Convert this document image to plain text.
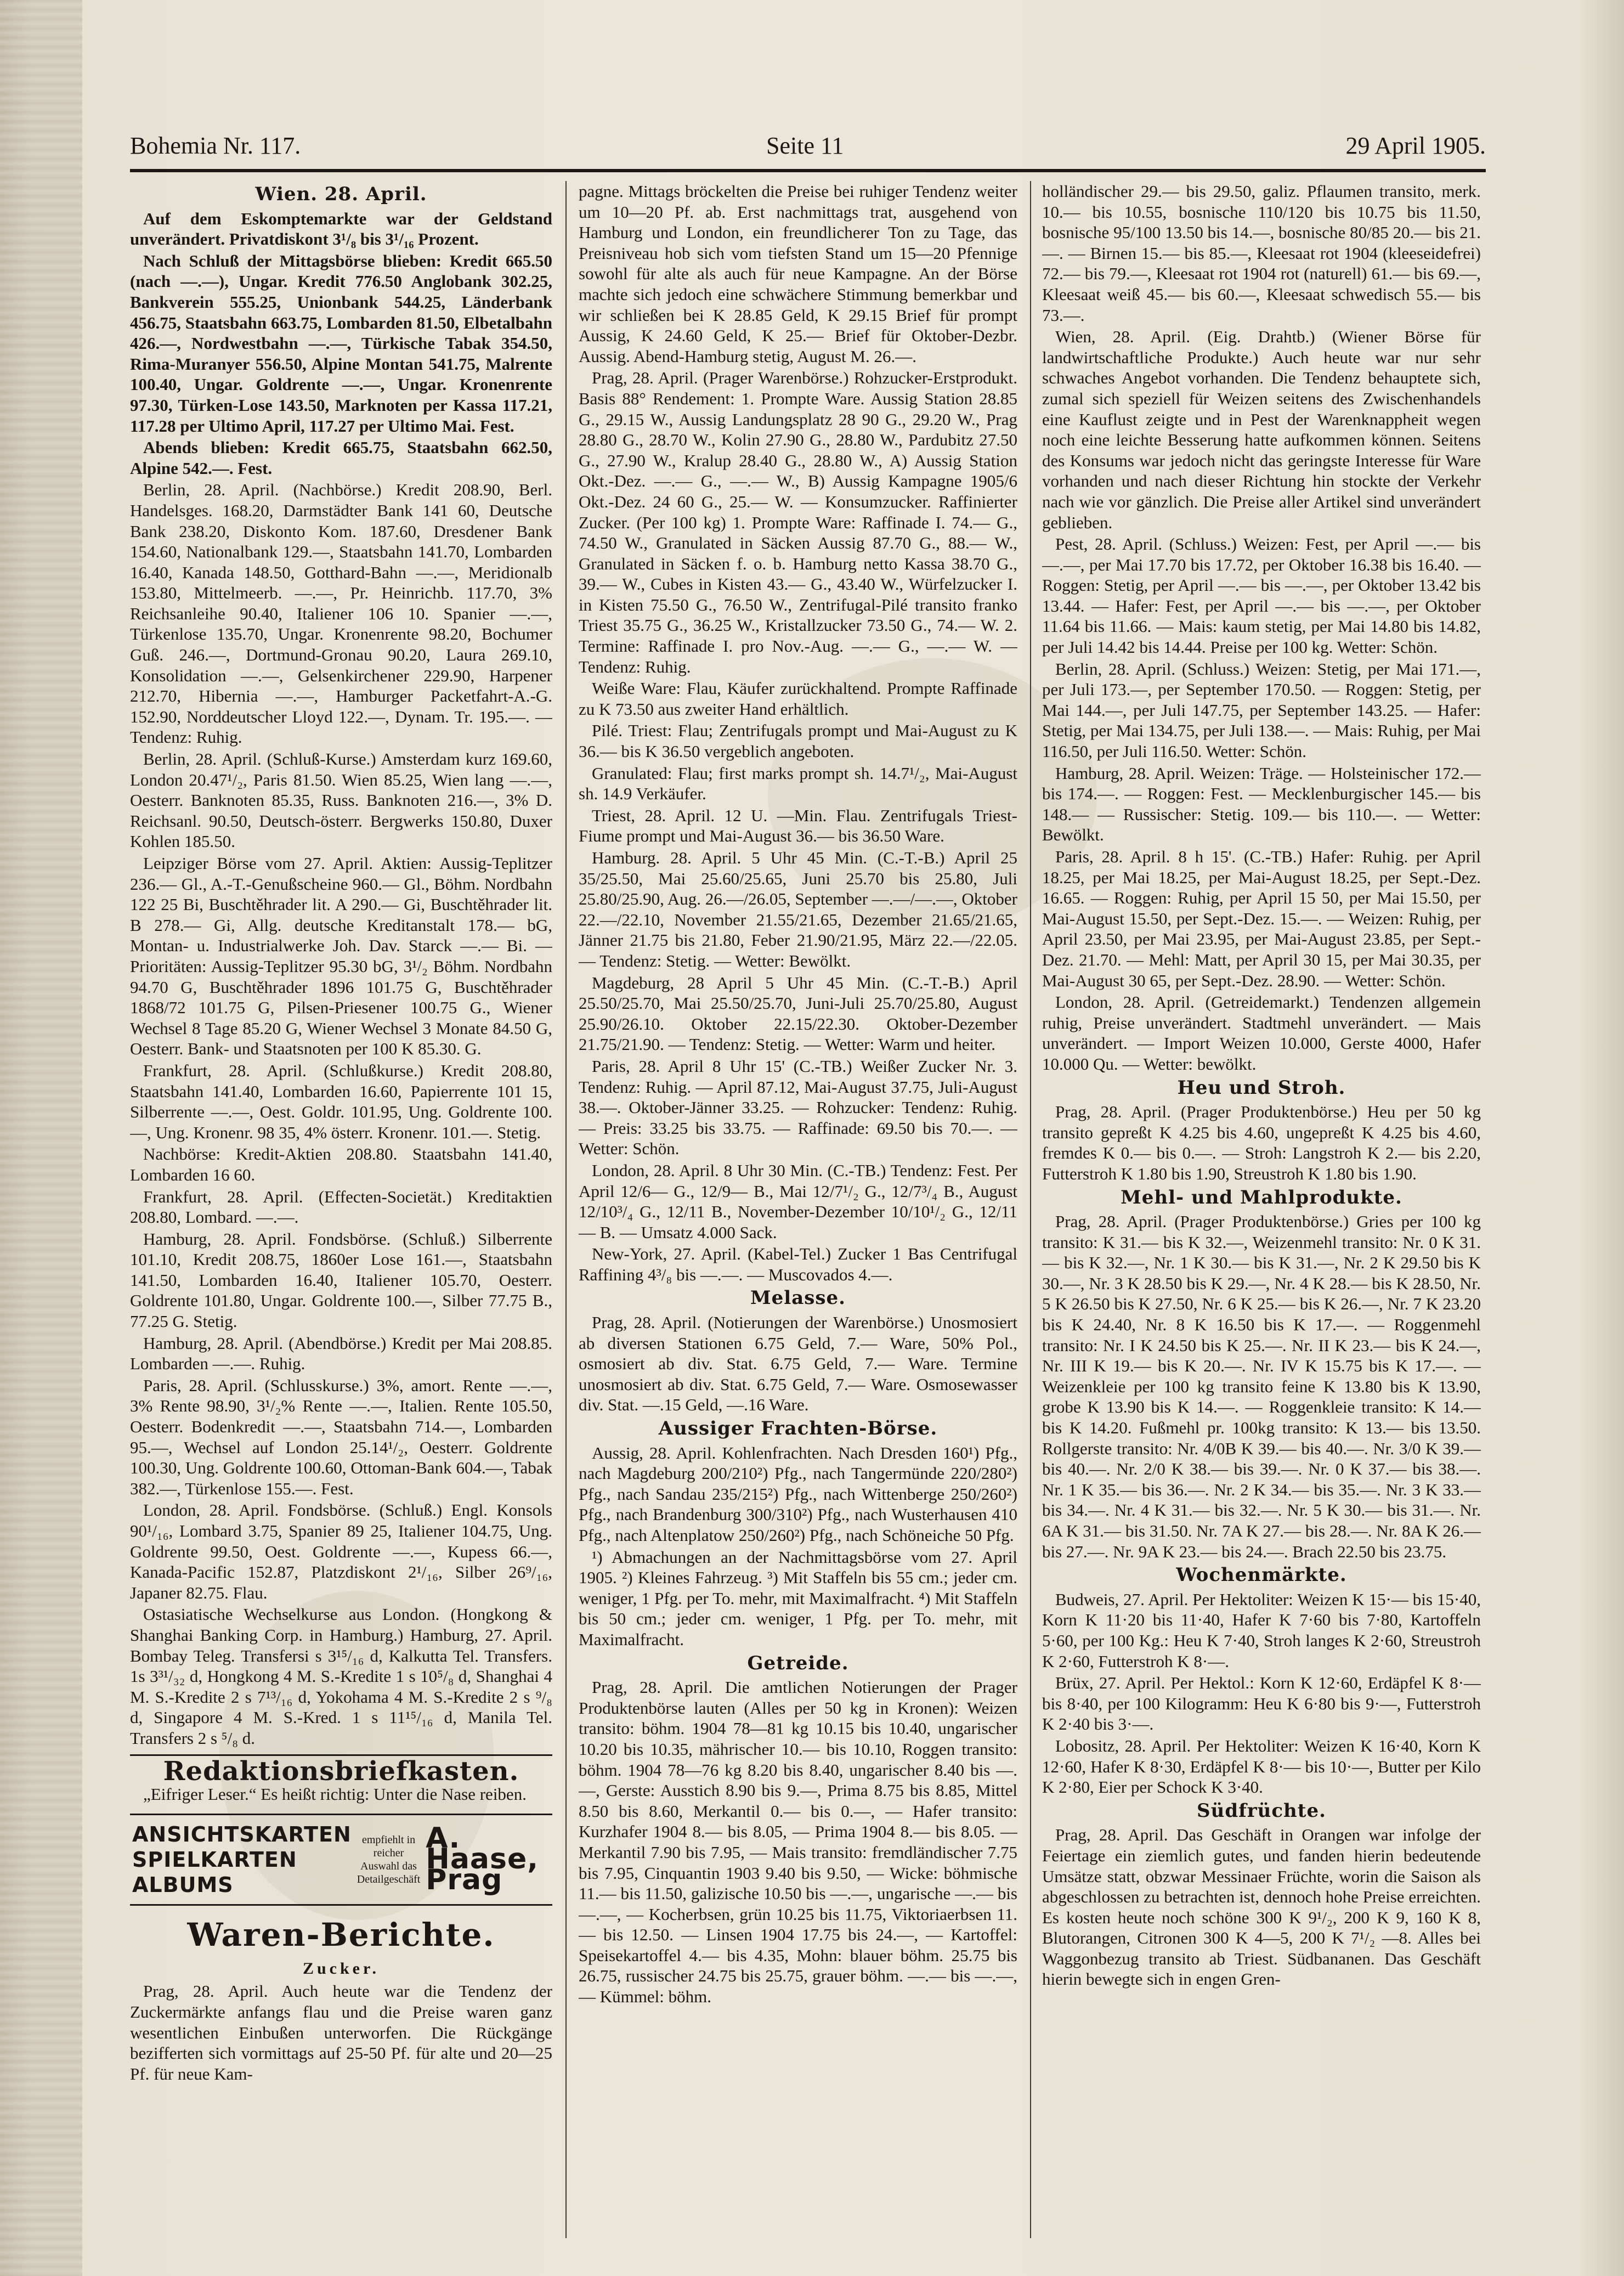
Bohemia Nr. 117.	Seite 11	29 April 1905.
Wien. 28. April.

Auf dem Eskomptemarkte war der Geldstand unverändert. Privatdiskont 3¹/₈ bis 3¹/₁₆ Prozent.

Nach Schluß der Mittagsbörse blieben: Kredit 665.50 (nach —.—), Ungar. Kredit 776.50 Anglobank 302.25, Bankverein 555.25, Unionbank 544.25, Länderbank 456.75, Staatsbahn 663.75, Lombarden 81.50, Elbetalbahn 426.—, Nordwestbahn —.—, Türkische Tabak 354.50, Rima-Muranyer 556.50, Alpine Montan 541.75, Malrente 100.40, Ungar. Goldrente —.—, Ungar. Kronenrente 97.30, Türken-Lose 143.50, Marknoten per Kassa 117.21, 117.28 per Ultimo April, 117.27 per Ultimo Mai. Fest.

Abends blieben: Kredit 665.75, Staatsbahn 662.50, Alpine 542.—. Fest.

Berlin, 28. April. (Nachbörse.) Kredit 208.90, Berl. Handelsges. 168.20, Darmstädter Bank 141 60, Deutsche Bank 238.20, Diskonto Kom. 187.60, Dresdener Bank 154.60, Nationalbank 129.—, Staatsbahn 141.70, Lombarden 16.40, Kanada 148.50, Gotthard-Bahn —.—, Meridionalb 153.80, Mittelmeerb. —.—, Pr. Heinrichb. 117.70, 3% Reichsanleihe 90.40, Italiener 106 10. Spanier —.—, Türkenlose 135.70, Ungar. Kronenrente 98.20, Bochumer Guß. 246.—, Dortmund-Gronau 90.20, Laura 269.10, Konsolidation —.—, Gelsenkirchener 229.90, Harpener 212.70, Hibernia —.—, Hamburger Packetfahrt-A.-G. 152.90, Norddeutscher Lloyd 122.—, Dynam. Tr. 195.—. — Tendenz: Ruhig.

Berlin, 28. April. (Schluß-Kurse.) Amsterdam kurz 169.60, London 20.47¹/₂, Paris 81.50. Wien 85.25, Wien lang —.—, Oesterr. Banknoten 85.35, Russ. Banknoten 216.—, 3% D. Reichsanl. 90.50, Deutsch-österr. Bergwerks 150.80, Duxer Kohlen 185.50.

Leipziger Börse vom 27. April. Aktien: Aussig-Teplitzer 236.— Gl., A.-T.-Genußscheine 960.— Gl., Böhm. Nordbahn 122 25 Bi, Buschtěhrader lit. A 290.— Gi, Buschtěhrader lit. B 278.— Gi, Allg. deutsche Kreditanstalt 178.— bG, Montan- u. Industrialwerke Joh. Dav. Starck —.— Bi. — Prioritäten: Aussig-Teplitzer 95.30 bG, 3¹/₂ Böhm. Nordbahn 94.70 G, Buschtěhrader 1896 101.75 G, Buschtěhrader 1868/72 101.75 G, Pilsen-Priesener 100.75 G., Wiener Wechsel 8 Tage 85.20 G, Wiener Wechsel 3 Monate 84.50 G, Oesterr. Bank- und Staatsnoten per 100 K 85.30. G.

Frankfurt, 28. April. (Schlußkurse.) Kredit 208.80, Staatsbahn 141.40, Lombarden 16.60, Papierrente 101 15, Silberrente —.—, Oest. Goldr. 101.95, Ung. Goldrente 100.—, Ung. Kronenr. 98 35, 4% österr. Kronenr. 101.—. Stetig.

Nachbörse: Kredit-Aktien 208.80. Staatsbahn 141.40, Lombarden 16 60.

Frankfurt, 28. April. (Effecten-Societät.) Kreditaktien 208.80, Lombard. —.—.

Hamburg, 28. April. Fondsbörse. (Schluß.) Silberrente 101.10, Kredit 208.75, 1860er Lose 161.—, Staatsbahn 141.50, Lombarden 16.40, Italiener 105.70, Oesterr. Goldrente 101.80, Ungar. Goldrente 100.—, Silber 77.75 B., 77.25 G. Stetig.

Hamburg, 28. April. (Abendbörse.) Kredit per Mai 208.85. Lombarden —.—. Ruhig.

Paris, 28. April. (Schlusskurse.) 3%, amort. Rente —.—, 3% Rente 98.90, 3¹/₂% Rente —.—, Italien. Rente 105.50, Oesterr. Bodenkredit —.—, Staatsbahn 714.—, Lombarden 95.—, Wechsel auf London 25.14¹/₂, Oesterr. Goldrente 100.30, Ung. Goldrente 100.60, Ottoman-Bank 604.—, Tabak 382.—, Türkenlose 155.—. Fest.

London, 28. April. Fondsbörse. (Schluß.) Engl. Konsols 90¹/₁₆, Lombard 3.75, Spanier 89 25, Italiener 104.75, Ung. Goldrente 99.50, Oest. Goldrente —.—, Kupess 66.—, Kanada-Pacific 152.87, Platzdiskont 2¹/₁₆, Silber 26⁹/₁₆, Japaner 82.75. Flau.

Ostasiatische Wechselkurse aus London. (Hongkong & Shanghai Banking Corp. in Hamburg.) Hamburg, 27. April. Bombay Teleg. Transfersi s 3¹⁵/₁₆ d, Kalkutta Tel. Transfers. 1s 3³¹/₃₂ d, Hongkong 4 M. S.-Kreditе 1 s 10⁵/₈ d, Shanghai 4 M. S.-Kredite 2 s 7¹³/₁₆ d, Yokohama 4 M. S.-Kredite 2 s ⁹/₈ d, Singapore 4 M. S.-Kred. 1 s 11¹⁵/₁₆ d, Manila Tel. Transfers 2 s ⁵/₈ d.

Redaktionsbriefkasten.

„Eifriger Leser.“ Es heißt richtig: Unter die Nase reiben.

ANSICHTSKARTEN
SPIELKARTEN
ALBUMS
empfiehlt in reicher Auswahl das Detailgeschäft
A. Haase, Prag
Waren-Berichte.
Zucker.

Prag, 28. April. Auch heute war die Tendenz der Zuckermärkte anfangs flau und die Preise waren ganz wesentlichen Einbußen unterworfen. Die Rückgänge bezifferten sich vormittags auf 25-50 Pf. für alte und 20—25 Pf. für neue Kam-

pagne. Mittags bröckelten die Preise bei ruhiger Tendenz weiter um 10—20 Pf. ab. Erst nachmittags trat, ausgehend von Hamburg und London, ein freundlicherer Ton zu Tage, das Preisniveau hob sich vom tiefsten Stand um 15—20 Pfennige sowohl für alte als auch für neue Kampagne. An der Börse machte sich jedoch eine schwächere Stimmung bemerkbar und wir schließen bei K 28.85 Geld, K 29.15 Brief für prompt Aussig, K 24.60 Geld, K 25.— Brief für Oktober-Dezbr. Aussig. Abend-Hamburg stetig, August M. 26.—.

Prag, 28. April. (Prager Warenbörse.) Rohzucker-Erstprodukt. Basis 88° Rendement: 1. Prompte Ware. Aussig Station 28.85 G., 29.15 W., Aussig Landungsplatz 28 90 G., 29.20 W., Prag 28.80 G., 28.70 W., Kolin 27.90 G., 28.80 W., Pardubitz 27.50 G., 27.90 W., Kralup 28.40 G., 28.80 W., A) Aussig Station Okt.-Dez. —.— G., —.— W., B) Aussig Kampagne 1905/6 Okt.-Dez. 24 60 G., 25.— W. — Konsumzucker. Raffinierter Zucker. (Per 100 kg) 1. Prompte Ware: Raffinade I. 74.— G., 74.50 W., Granulated in Säcken Aussig 87.70 G., 88.— W., Granulated in Säcken f. o. b. Hamburg netto Kassa 38.70 G., 39.— W., Cubes in Kisten 43.— G., 43.40 W., Würfelzucker I. in Kisten 75.50 G., 76.50 W., Zentrifugal-Pilé transito franko Triest 35.75 G., 36.25 W., Kristallzucker 73.50 G., 74.— W. 2. Termine: Raffinade I. pro Nov.-Aug. —.— G., —.— W. — Tendenz: Ruhig.

Weiße Ware: Flau, Käufer zurückhaltend. Prompte Raffinade zu K 73.50 aus zweiter Hand erhältlich.

Pilé. Triest: Flau; Zentrifugals prompt und Mai-August zu K 36.— bis K 36.50 vergeblich angeboten.

Granulated: Flau; first marks prompt sh. 14.7¹/₂, Mai-August sh. 14.9 Verkäufer.

Triest, 28. April. 12 U. —Min. Flau. Zentrifugals Triest-Fiume prompt und Mai-August 36.— bis 36.50 Ware.

Hamburg. 28. April. 5 Uhr 45 Min. (C.-T.-B.) April 25 35/25.50, Mai 25.60/25.65, Juni 25.70 bis 25.80, Juli 25.80/25.90, Aug. 26.—/26.05, September —.—/—.—, Oktober 22.—/22.10, November 21.55/21.65, Dezember 21.65/21.65, Jänner 21.75 bis 21.80, Feber 21.90/21.95, März 22.—/22.05. — Tendenz: Stetig. — Wetter: Bewölkt.

Magdeburg, 28 April 5 Uhr 45 Min. (C.-T.-B.) April 25.50/25.70, Mai 25.50/25.70, Juni-Juli 25.70/25.80, August 25.90/26.10. Oktober 22.15/22.30. Oktober-Dezember 21.75/21.90. — Tendenz: Stetig. — Wetter: Warm und heiter.

Paris, 28. April 8 Uhr 15' (C.-TB.) Weißer Zucker Nr. 3. Tendenz: Ruhig. — April 87.12, Mai-August 37.75, Juli-August 38.—. Oktober-Jänner 33.25. — Rohzucker: Tendenz: Ruhig. — Preis: 33.25 bis 33.75. — Raffinade: 69.50 bis 70.—. — Wetter: Schön.

London, 28. April. 8 Uhr 30 Min. (C.-TB.) Tendenz: Fest. Per April 12/6— G., 12/9— B., Mai 12/7¹/₂ G., 12/7³/₄ B., August 12/10³/₄ G., 12/11 B., November-Dezember 10/10¹/₂ G., 12/11— B. — Umsatz 4.000 Sack.

New-York, 27. April. (Kabel-Tel.) Zucker 1 Bas Centrifugal Raffining 4³/₈ bis —.—. — Muscovados 4.—.

Melasse.

Prag, 28. April. (Notierungen der Warenbörse.) Unosmosiert ab diversen Stationen 6.75 Geld, 7.— Ware, 50% Pol., osmosiert ab div. Stat. 6.75 Geld, 7.— Ware. Termine unosmosiert ab div. Stat. 6.75 Geld, 7.— Ware. Osmosewasser div. Stat. —.15 Geld, —.16 Ware.

Aussiger Frachten-Börse.

Aussig, 28. April. Kohlenfrachten. Nach Dresden 160¹) Pfg., nach Magdeburg 200/210²) Pfg., nach Tangermünde 220/280²) Pfg., nach Sandau 235/215²) Pfg., nach Wittenberge 250/260²) Pfg., nach Brandenburg 300/310²) Pfg., nach Wusterhausen 410 Pfg., nach Altenplatow 250/260²) Pfg., nach Schöneiche 50 Pfg.

¹) Abmachungen an der Nachmittagsbörse vom 27. April 1905. ²) Kleines Fahrzeug. ³) Mit Staffeln bis 55 cm.; jeder cm. weniger, 1 Pfg. per To. mehr, mit Maximalfracht. ⁴) Mit Staffeln bis 50 cm.; jeder cm. weniger, 1 Pfg. per To. mehr, mit Maximalfracht.

Getreide.

Prag, 28. April. Die amtlichen Notierungen der Prager Produktenbörse lauten (Alles per 50 kg in Kronen): Weizen transito: böhm. 1904 78—81 kg 10.15 bis 10.40, ungarischer 10.20 bis 10.35, mährischer 10.— bis 10.10, Roggen transito: böhm. 1904 78—76 kg 8.20 bis 8.40, ungarischer 8.40 bis —.—, Gerste: Ausstich 8.90 bis 9.—, Prima 8.75 bis 8.85, Mittel 8.50 bis 8.60, Merkantil 0.— bis 0.—, — Hafer transito: Kurzhafer 1904 8.— bis 8.05, — Prima 1904 8.— bis 8.05. — Merkantil 7.90 bis 7.95, — Mais transito: fremdländischer 7.75 bis 7.95, Cinquantin 1903 9.40 bis 9.50, — Wicke: böhmische 11.— bis 11.50, galizische 10.50 bis —.—, ungarische —.— bis —.—, — Kocherbsen, grün 10.25 bis 11.75, Viktoriaerbsen 11.— bis 12.50. — Linsen 1904 17.75 bis 24.—, — Kartoffel: Speisekartoffel 4.— bis 4.35, Mohn: blauer böhm. 25.75 bis 26.75, russischer 24.75 bis 25.75, grauer böhm. —.— bis —.—, — Kümmel: böhm.

holländischer 29.— bis 29.50, galiz. Pflaumen transito, merk. 10.— bis 10.55, bosnische 110/120 bis 10.75 bis 11.50, bosnische 95/100 13.50 bis 14.—, bosnische 80/85 20.— bis 21.—. — Birnen 15.— bis 85.—, Kleesaat rot 1904 (kleeseidefrei) 72.— bis 79.—, Kleesaat rot 1904 rot (naturell) 61.— bis 69.—, Kleesaat weiß 45.— bis 60.—, Kleesaat schwedisch 55.— bis 73.—.

Wien, 28. April. (Eig. Drahtb.) (Wiener Börse für landwirtschaftliche Produkte.) Auch heute war nur sehr schwaches Angebot vorhanden. Die Tendenz behauptete sich, zumal sich speziell für Weizen seitens des Zwischenhandels eine Kauflust zeigte und in Pest der Warenknappheit wegen noch eine leichte Besserung hatte aufkommen können. Seitens des Konsums war jedoch nicht das geringste Interesse für Ware vorhanden und nach dieser Richtung hin stockte der Verkehr nach wie vor gänzlich. Die Preise aller Artikel sind unverändert geblieben.

Pest, 28. April. (Schluss.) Weizen: Fest, per April —.— bis —.—, per Mai 17.70 bis 17.72, per Oktober 16.38 bis 16.40. — Roggen: Stetig, per April —.— bis —.—, per Oktober 13.42 bis 13.44. — Hafer: Fest, per April —.— bis —.—, per Oktober 11.64 bis 11.66. — Mais: kaum stetig, per Mai 14.80 bis 14.82, per Juli 14.42 bis 14.44. Preise per 100 kg. Wetter: Schön.

Berlin, 28. April. (Schluss.) Weizen: Stetig, per Mai 171.—, per Juli 173.—, per September 170.50. — Roggen: Stetig, per Mai 144.—, per Juli 147.75, per September 143.25. — Hafer: Stetig, per Mai 134.75, per Juli 138.—. — Mais: Ruhig, per Mai 116.50, per Juli 116.50. Wetter: Schön.

Hamburg, 28. April. Weizen: Träge. — Holsteinischer 172.— bis 174.—. — Roggen: Fest. — Mecklenburgischer 145.— bis 148.— — Russischer: Stetig. 109.— bis 110.—. — Wetter: Bewölkt.

Paris, 28. April. 8 h 15'. (C.-TB.) Hafer: Ruhig. per April 18.25, per Mai 18.25, per Mai-August 18.25, per Sept.-Dez. 16.65. — Roggen: Ruhig, per April 15 50, per Mai 15.50, per Mai-August 15.50, per Sept.-Dez. 15.—. — Weizen: Ruhig, per April 23.50, per Mai 23.95, per Mai-August 23.85, per Sept.-Dez. 21.70. — Mehl: Matt, per April 30 15, per Mai 30.35, per Mai-August 30 65, per Sept.-Dez. 28.90. — Wetter: Schön.

London, 28. April. (Getreidemarkt.) Tendenzen allgemein ruhig, Preise unverändert. Stadtmehl unverändert. — Mais unverändert. — Import Weizen 10.000, Gerste 4000, Hafer 10.000 Qu. — Wetter: bewölkt.

Heu und Stroh.

Prag, 28. April. (Prager Produktenbörse.) Heu per 50 kg transito gepreßt K 4.25 bis 4.60, ungepreßt K 4.25 bis 4.60, fremdes K 0.— bis 0.—. — Stroh: Langstroh K 2.— bis 2.20, Futterstroh K 1.80 bis 1.90, Streustroh K 1.80 bis 1.90.

Mehl- und Mahlprodukte.

Prag, 28. April. (Prager Produktenbörse.) Gries per 100 kg transito: K 31.— bis K 32.—, Weizenmehl transito: Nr. 0 K 31.— bis K 32.—, Nr. 1 K 30.— bis K 31.—, Nr. 2 K 29.50 bis K 30.—, Nr. 3 K 28.50 bis K 29.—, Nr. 4 K 28.— bis K 28.50, Nr. 5 K 26.50 bis K 27.50, Nr. 6 K 25.— bis K 26.—, Nr. 7 K 23.20 bis K 24.40, Nr. 8 K 16.50 bis K 17.—. — Roggenmehl transito: Nr. I K 24.50 bis K 25.—. Nr. II K 23.— bis K 24.—, Nr. III K 19.— bis K 20.—. Nr. IV K 15.75 bis K 17.—. — Weizenkleie per 100 kg transito feine K 13.80 bis K 13.90, grobe K 13.90 bis K 14.—. — Roggenkleie transito: K 14.— bis K 14.20. Fußmehl pr. 100kg transito: K 13.— bis 13.50. Rollgerste transito: Nr. 4/0B K 39.— bis 40.—. Nr. 3/0 K 39.— bis 40.—. Nr. 2/0 K 38.— bis 39.—. Nr. 0 K 37.— bis 38.—. Nr. 1 K 35.— bis 36.—. Nr. 2 K 34.— bis 35.—. Nr. 3 K 33.— bis 34.—. Nr. 4 K 31.— bis 32.—. Nr. 5 K 30.— bis 31.—. Nr. 6A K 31.— bis 31.50. Nr. 7A K 27.— bis 28.—. Nr. 8A K 26.— bis 27.—. Nr. 9A K 23.— bis 24.—. Brach 22.50 bis 23.75.

Wochenmärkte.

Budweis, 27. April. Per Hektoliter: Weizen K 15·— bis 15·40, Korn K 11·20 bis 11·40, Hafer K 7·60 bis 7·80, Kartoffeln 5·60, per 100 Kg.: Heu K 7·40, Stroh langes K 2·60, Streustroh K 2·60, Futterstroh K 8·—.

Brüx, 27. April. Per Hektol.: Korn K 12·60, Erdäpfel K 8·— bis 8·40, per 100 Kilogramm: Heu K 6·80 bis 9·—, Futterstroh K 2·40 bis 3·—.

Lobositz, 28. April. Per Hektoliter: Weizen K 16·40, Korn K 12·60, Hafer K 8·30, Erdäpfel K 8·— bis 10·—, Butter per Kilo K 2·80, Eier per Schock K 3·40.

Südfrüchte.

Prag, 28. April. Das Geschäft in Orangen war infolge der Feiertage ein ziemlich gutes, und fanden hierin bedeutende Umsätze statt, obzwar Messinaer Früchte, worin die Saison als abgeschlossen zu betrachten ist, dennoch hohe Preise erreichten. Es kosten heute noch schöne 300 K 9¹/₂, 200 K 9, 160 K 8, Blutorangen, Citronen 300 K 4—5, 200 K 7¹/₂ —8. Alles bei Waggonbezug transito ab Triest. Südbananen. Das Geschäft hierin bewegte sich in engen Gren-
